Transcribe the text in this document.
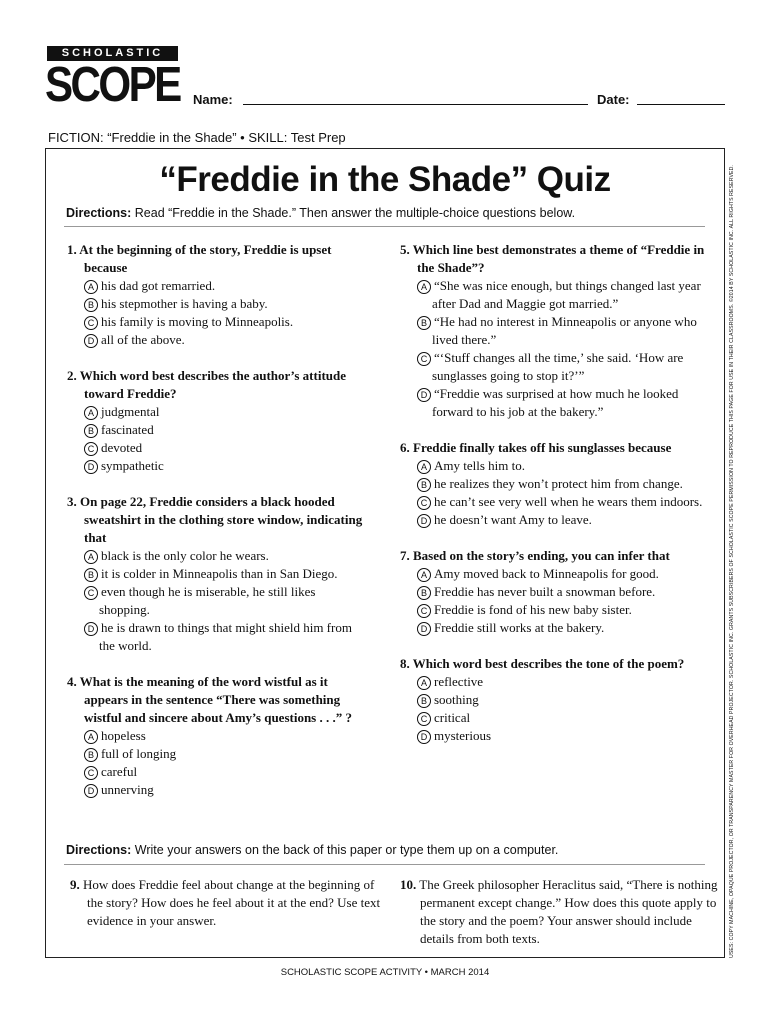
SCHOLASTIC
SCOPE Name:	Date:
FICTION: “Freddie in the Shade” • SKILL: Test Prep
“Freddie in the Shade” Quiz
Directions: Read “Freddie in the Shade.” Then answer the multiple-choice questions below.
1. At the beginning of the story, Freddie is upset because
A his dad got remarried.
B his stepmother is having a baby.
C his family is moving to Minneapolis.
D all of the above.
2. Which word best describes the author’s attitude toward Freddie?
A judgmental
B fascinated
C devoted
D sympathetic
3. On page 22, Freddie considers a black hooded sweatshirt in the clothing store window, indicating that
A black is the only color he wears.
B it is colder in Minneapolis than in San Diego.
C even though he is miserable, he still likes shopping.
D he is drawn to things that might shield him from the world.
4. What is the meaning of the word wistful as it appears in the sentence “There was something wistful and sincere about Amy’s questions . . .” ?
A hopeless
B full of longing
C careful
D unnerving
5. Which line best demonstrates a theme of “Freddie in the Shade”?
A “She was nice enough, but things changed last year after Dad and Maggie got married.”
B “He had no interest in Minneapolis or anyone who lived there.”
C “‘Stuff changes all the time,’ she said. ‘How are sunglasses going to stop it?’”
D “Freddie was surprised at how much he looked forward to his job at the bakery.”
6. Freddie finally takes off his sunglasses because
A Amy tells him to.
B he realizes they won’t protect him from change.
C he can’t see very well when he wears them indoors.
D he doesn’t want Amy to leave.
7. Based on the story’s ending, you can infer that
A Amy moved back to Minneapolis for good.
B Freddie has never built a snowman before.
C Freddie is fond of his new baby sister.
D Freddie still works at the bakery.
8. Which word best describes the tone of the poem?
A reflective
B soothing
C critical
D mysterious
Directions: Write your answers on the back of this paper or type them up on a computer.
9. How does Freddie feel about change at the beginning of the story? How does he feel about it at the end? Use text evidence in your answer.
10. The Greek philosopher Heraclitus said, “There is nothing permanent except change.” How does this quote apply to the story and the poem? Your answer should include details from both texts.
SCHOLASTIC SCOPE ACTIVITY • MARCH 2014
USES: COPY MACHINE, OPAQUE PROJECTOR, OR TRANSPARENCY MASTER FOR OVERHEAD PROJECTOR. SCHOLASTIC INC. GRANTS SUBSCRIBERS OF SCHOLASTIC SCOPE PERMISSION TO REPRODUCE THIS PAGE FOR USE IN THEIR CLASSROOMS. ©2014 BY SCHOLASTIC INC. ALL RIGHTS RESERVED.
